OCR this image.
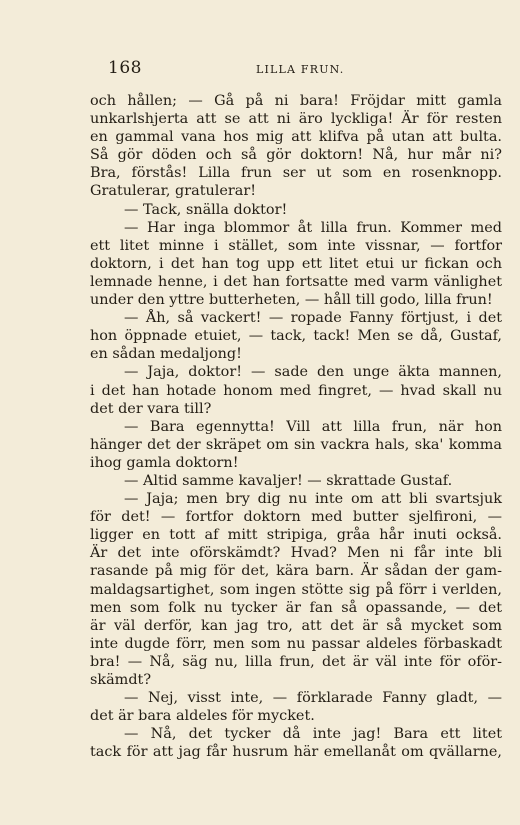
168	LILLA FRUN.
och hållen; — Gå på ni bara! Fröjdar mitt gamla
unkarlshjerta att se att ni äro lyckliga! Är för resten
en gammal vana hos mig att klifva på utan att bulta.
Så gör döden och så gör doktorn! Nå, hur mår ni?
Bra, förstås! Lilla frun ser ut som en rosenknopp.
Gratulerar, gratulerar!
— Tack, snälla doktor!
— Har inga blommor åt lilla frun. Kommer med
ett litet minne i stället, som inte vissnar, — fortfor
doktorn, i det han tog upp ett litet etui ur fickan och
lemnade henne, i det han fortsatte med varm vänlighet
under den yttre butterheten, — håll till godo, lilla frun!
— Åh, så vackert! — ropade Fanny förtjust, i det
hon öppnade etuiet, — tack, tack! Men se då, Gustaf,
en sådan medaljong!
— Jaja, doktor! — sade den unge äkta mannen,
i det han hotade honom med fingret, — hvad skall nu
det der vara till?
— Bara egennytta! Vill att lilla frun, när hon
hänger det der skräpet om sin vackra hals, ska' komma
ihog gamla doktorn!
— Altid samme kavaljer! — skrattade Gustaf.
— Jaja; men bry dig nu inte om att bli svartsjuk
för det! — fortfor doktorn med butter sjelfironi, —
ligger en tott af mitt stripiga, gråa hår inuti också.
Är det inte oförskämdt? Hvad? Men ni får inte bli
rasande på mig för det, kära barn. Är sådan der gam-
maldagsartighet, som ingen stötte sig på förr i verlden,
men som folk nu tycker är fan så opassande, — det
är väl derför, kan jag tro, att det är så mycket som
inte dugde förr, men som nu passar aldeles förbaskadt
bra! — Nå, säg nu, lilla frun, det är väl inte för oför-
skämdt?
— Nej, visst inte, — förklarade Fanny gladt, —
det är bara aldeles för mycket.
— Nå, det tycker då inte jag! Bara ett litet
tack för att jag får husrum här emellanåt om qvällarne,
